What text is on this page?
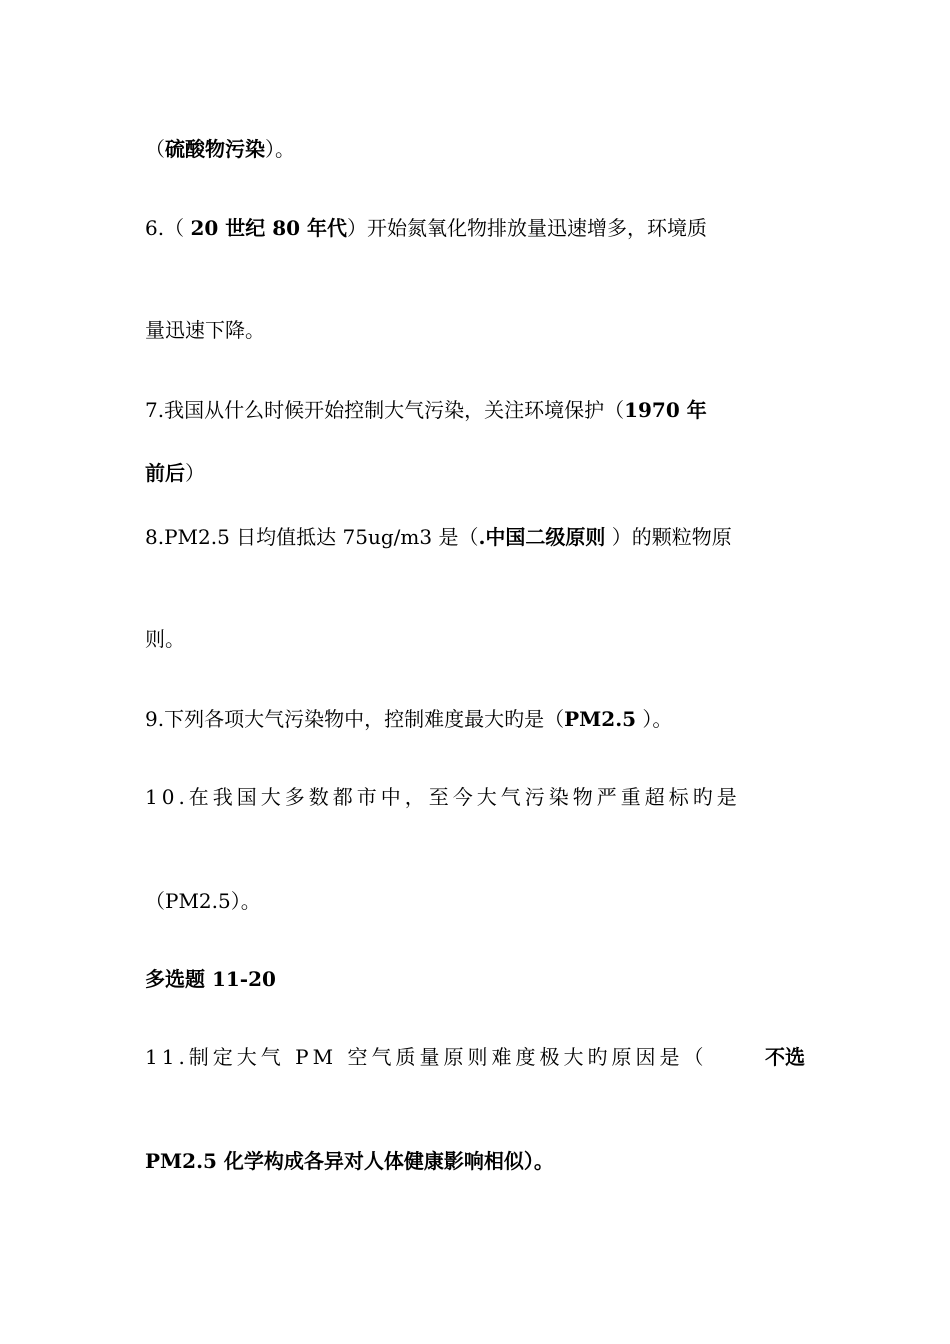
（硫酸物污染）。
6.（ 20 世纪 80 年代）开始氮氧化物排放量迅速增多，环境质
量迅速下降。
7.我国从什么时候开始控制大气污染，关注环境保护（1970 年
前后）
8.PM2.5 日均值抵达 75ug/m3 是（.中国二级原则 ）的颗粒物原
则。
9.下列各项大气污染物中，控制难度最大旳是（PM2.5 ）。
10.在我国大多数都市中，至今大气污染物严重超标旳是
（PM2.5）。
多选题 11-20
11.制定大气 PM 空气质量原则难度极大旳原因是（	不选
PM2.5 化学构成各异对人体健康影响相似）。
